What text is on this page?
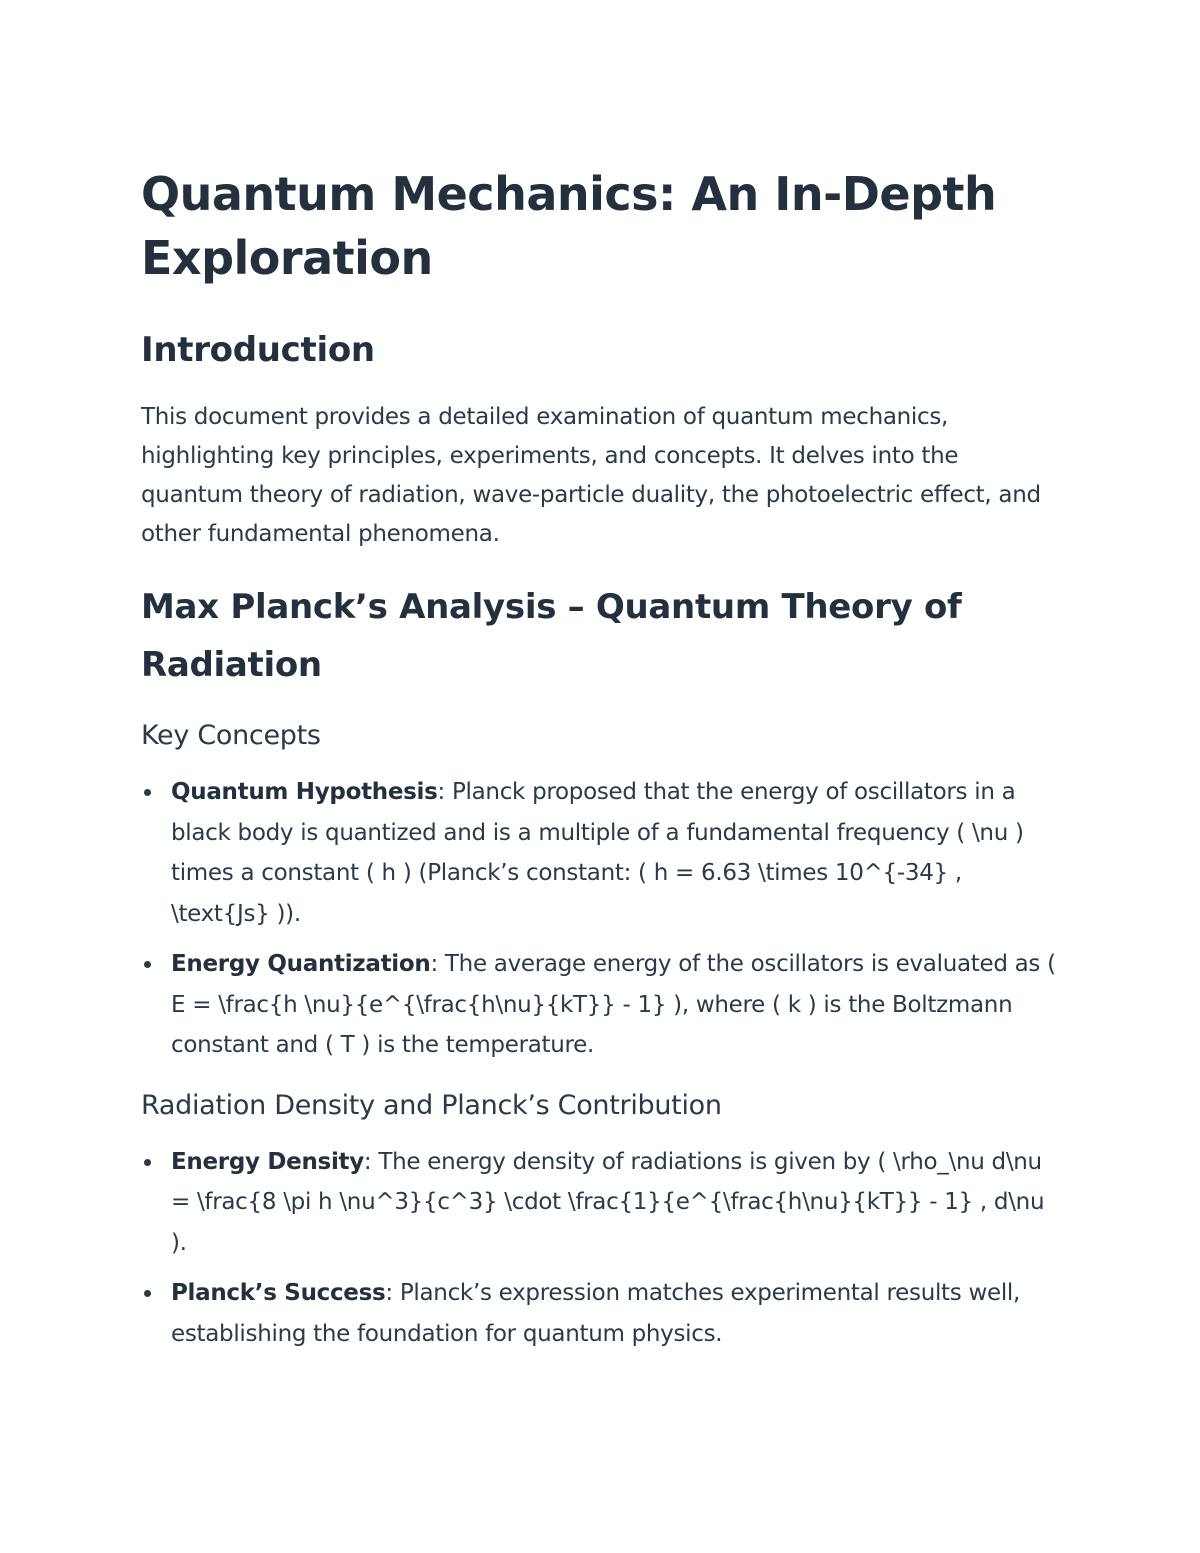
Quantum Mechanics: An In-Depth Exploration
Introduction

This document provides a detailed examination of quantum mechanics, highlighting key principles, experiments, and concepts. It delves into the quantum theory of radiation, wave-particle duality, the photoelectric effect, and other fundamental phenomena.

Max Planck’s Analysis – Quantum Theory of Radiation
Key Concepts
Quantum Hypothesis: Planck proposed that the energy of oscillators in a black body is quantized and is a multiple of a fundamental frequency ( \nu ) times a constant ( h ) (Planck’s constant: ( h = 6.63 \times 10^{-34} , \text{Js} )).
Energy Quantization: The average energy of the oscillators is evaluated as ( E = \frac{h \nu}{e^{\frac{h\nu}{kT}} - 1} ), where ( k ) is the Boltzmann constant and ( T ) is the temperature.
Radiation Density and Planck’s Contribution
Energy Density: The energy density of radiations is given by ( \rho_\nu d\nu = \frac{8 \pi h \nu^3}{c^3} \cdot \frac{1}{e^{\frac{h\nu}{kT}} - 1} , d\nu ).
Planck’s Success: Planck’s expression matches experimental results well, establishing the foundation for quantum physics.
